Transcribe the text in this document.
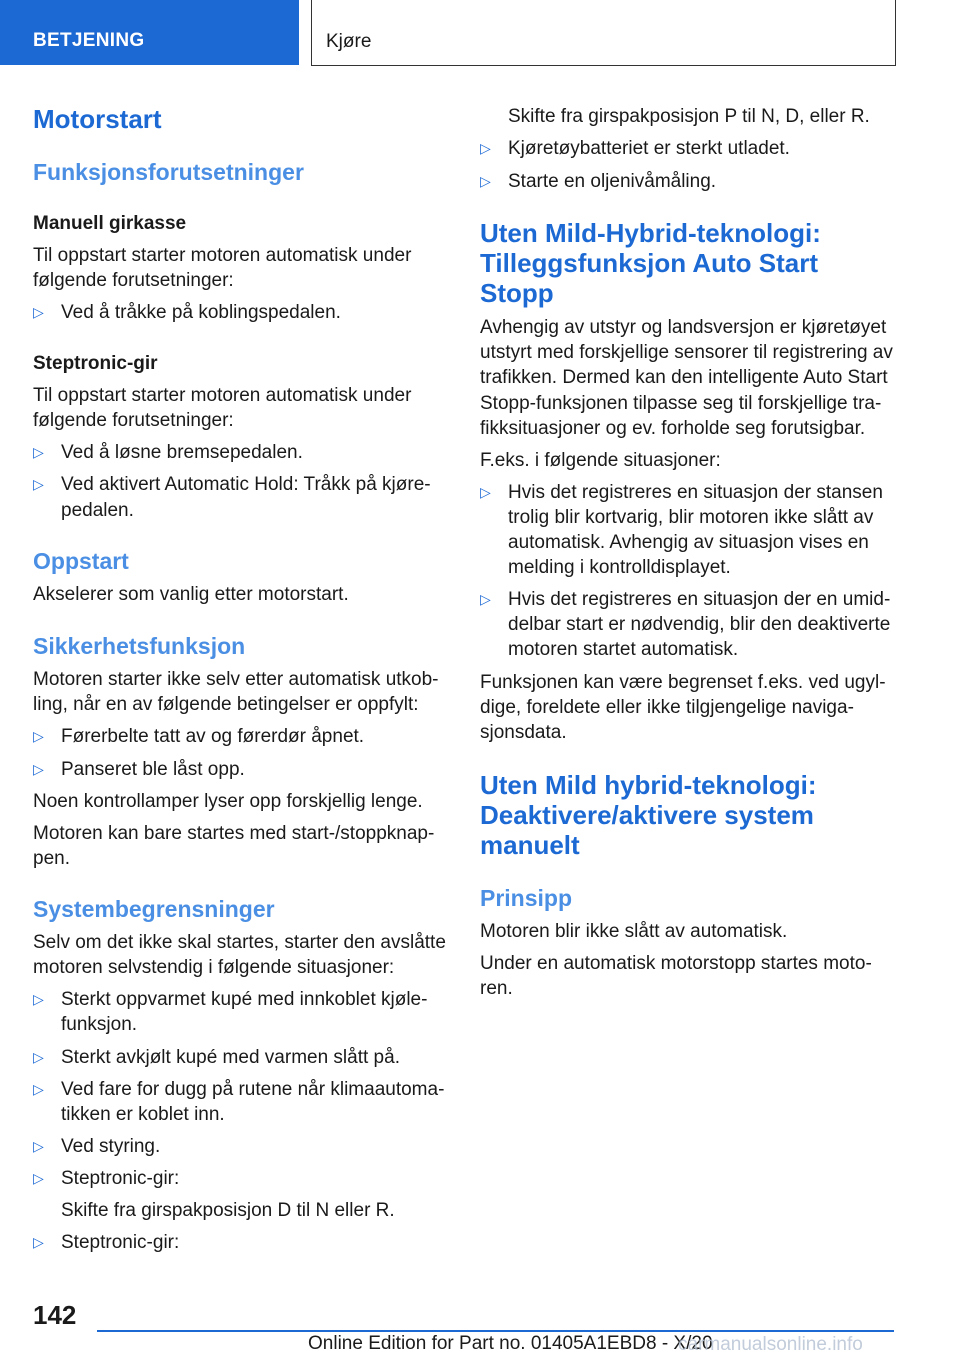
BETJENING	Kjøre
Motorstart
Funksjonsforutsetninger
Manuell girkasse
Til oppstart starter motoren automatisk under
følgende forutsetninger:
▷ Ved å tråkke på koblingspedalen.
Steptronic-gir
Til oppstart starter motoren automatisk under
følgende forutsetninger:
▷ Ved å løsne bremsepedalen.
▷ Ved aktivert Automatic Hold: Tråkk på kjøre-
pedalen.
Oppstart
Akselerer som vanlig etter motorstart.
Sikkerhetsfunksjon
Motoren starter ikke selv etter automatisk utkob-
ling, når en av følgende betingelser er oppfylt:
▷ Førerbelte tatt av og førerdør åpnet.
▷ Panseret ble låst opp.
Noen kontrollamper lyser opp forskjellig lenge.
Motoren kan bare startes med start-/stoppknap-
pen.
Systembegrensninger
Selv om det ikke skal startes, starter den avslåtte
motoren selvstendig i følgende situasjoner:
▷ Sterkt oppvarmet kupé med innkoblet kjøle-
funksjon.
▷ Sterkt avkjølt kupé med varmen slått på.
▷ Ved fare for dugg på rutene når klimaautoma-
tikken er koblet inn.
▷ Ved styring.
▷ Steptronic-gir:
Skifte fra girspakposisjon D til N eller R.
▷ Steptronic-gir:
Skifte fra girspakposisjon P til N, D, eller R.
▷ Kjøretøybatteriet er sterkt utladet.
▷ Starte en oljenivåmåling.
Uten Mild-Hybrid-teknologi:
Tilleggsfunksjon Auto Start
Stopp
Avhengig av utstyr og landsversjon er kjøretøyet
utstyrt med forskjellige sensorer til registrering av
trafikken. Dermed kan den intelligente Auto Start
Stopp-funksjonen tilpasse seg til forskjellige tra-
fikksituasjoner og ev. forholde seg forutsigbar.
F.eks. i følgende situasjoner:
▷ Hvis det registreres en situasjon der stansen
trolig blir kortvarig, blir motoren ikke slått av
automatisk. Avhengig av situasjon vises en
melding i kontrolldisplayet.
▷ Hvis det registreres en situasjon der en umid-
delbar start er nødvendig, blir den deaktiverte
motoren startet automatisk.
Funksjonen kan være begrenset f.eks. ved ugyl-
dige, foreldete eller ikke tilgjengelige naviga-
sjonsdata.
Uten Mild hybrid-teknologi:
Deaktivere/aktivere system
manuelt
Prinsipp
Motoren blir ikke slått av automatisk.
Under en automatisk motorstopp startes moto-
ren.
142
Online Edition for Part no. 01405A1EBD8 - X/20
carmanualsonline.info
